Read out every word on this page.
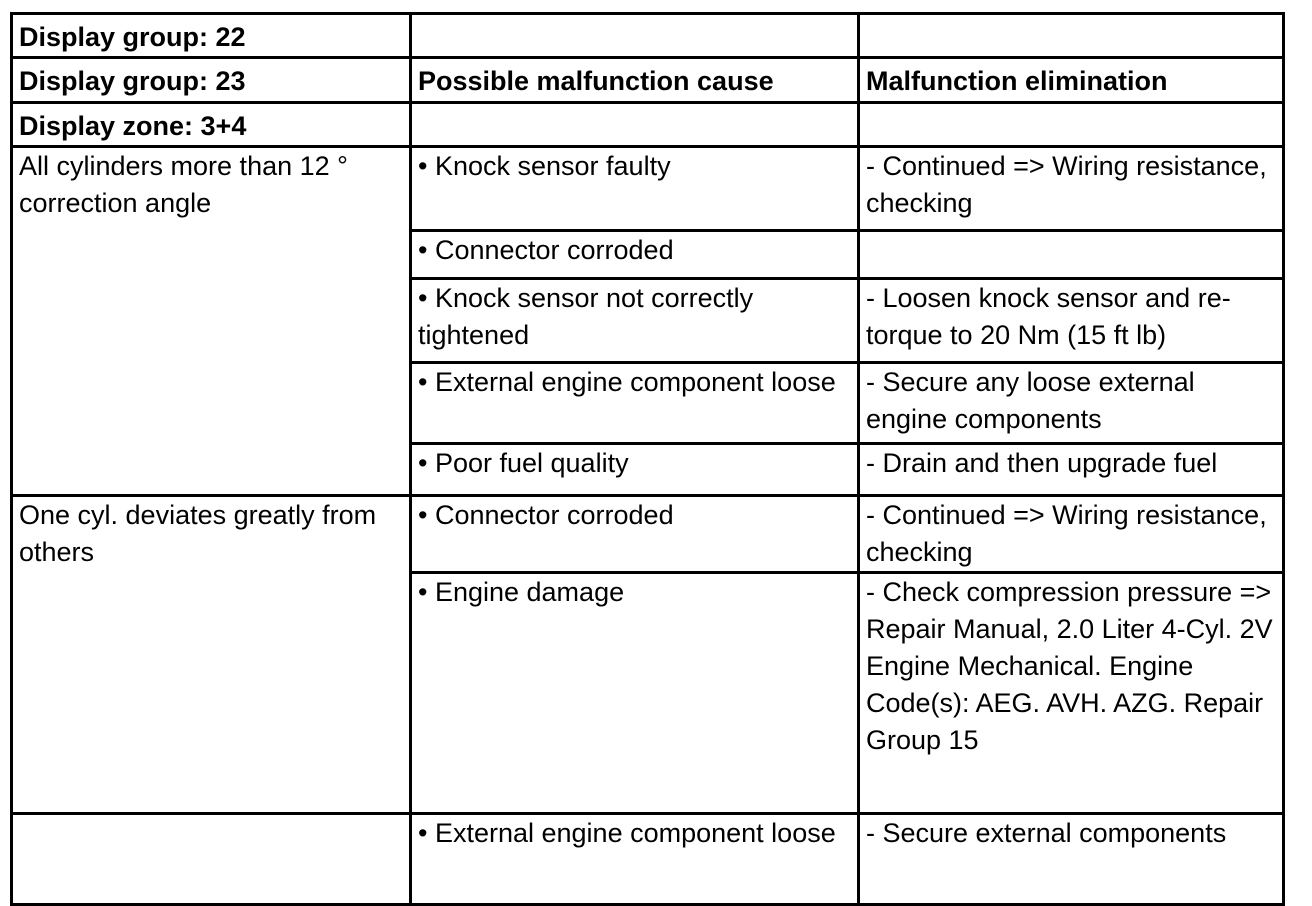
Display group: 22		
Display group: 23	Possible malfunction cause	Malfunction elimination
Display zone: 3+4		
All cylinders more than 12 ° correction angle	• Knock sensor faulty	- Continued => Wiring resistance, checking
	• Connector corroded	
	• Knock sensor not correctly tightened	- Loosen knock sensor and re-torque to 20 Nm (15 ft lb)
	• External engine component loose	- Secure any loose external engine components
	• Poor fuel quality	- Drain and then upgrade fuel
One cyl. deviates greatly from others	• Connector corroded	- Continued => Wiring resistance, checking
	• Engine damage	- Check compression pressure => Repair Manual, 2.0 Liter 4-Cyl. 2V Engine Mechanical. Engine Code(s): AEG. AVH. AZG. Repair Group 15
	• External engine component loose	- Secure external components
